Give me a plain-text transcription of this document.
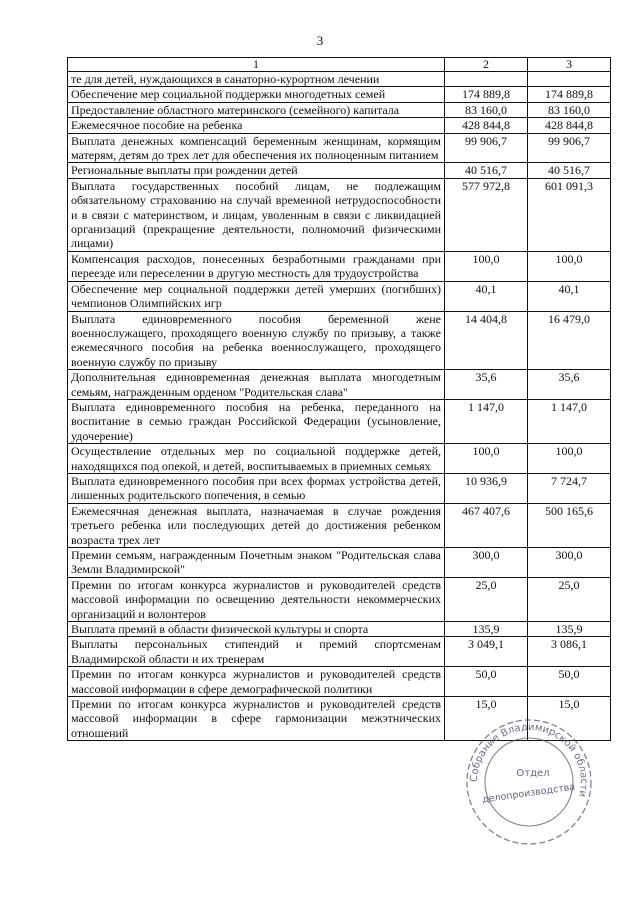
3
1	2	3
те для детей, нуждающихся в санаторно-курортном лечении		
Обеспечение мер социальной поддержки многодетных семей	174 889,8	174 889,8
Предоставление областного материнского (семейного) капитала	83 160,0	83 160,0
Ежемесячное пособие на ребенка	428 844,8	428 844,8
Выплата денежных компенсаций беременным женщинам, кормящим матерям, детям до трех лет для обеспечения их полноценным питанием	99 906,7	99 906,7
Региональные выплаты при рождении детей	40 516,7	40 516,7
Выплата государственных пособий лицам, не подлежащим обязательному страхованию на случай временной нетрудоспособности и в связи с материнством, и лицам, уволенным в связи с ликвидацией организаций (прекращение деятельности, полномочий физическими лицами)	577 972,8	601 091,3
Компенсация расходов, понесенных безработными гражданами при переезде или переселении в другую местность для трудоустройства	100,0	100,0
Обеспечение мер социальной поддержки детей умерших (погибших) чемпионов Олимпийских игр	40,1	40,1
Выплата единовременного пособия беременной жене военнослужащего, проходящего военную службу по призыву, а также ежемесячного пособия на ребенка военнослужащего, проходящего военную службу по призыву	14 404,8	16 479,0
Дополнительная единовременная денежная выплата многодетным семьям, награжденным орденом "Родительская слава"	35,6	35,6
Выплата единовременного пособия на ребенка, переданного на воспитание в семью граждан Российской Федерации (усыновление, удочерение)	1 147,0	1 147,0
Осуществление отдельных мер по социальной поддержке детей, находящихся под опекой, и детей, воспитываемых в приемных семьях	100,0	100,0
Выплата единовременного пособия при всех формах устройства детей, лишенных родительского попечения, в семью	10 936,9	7 724,7
Ежемесячная денежная выплата, назначаемая в случае рождения третьего ребенка или последующих детей до достижения ребенком возраста трех лет	467 407,6	500 165,6
Премии семьям, награжденным Почетным знаком "Родительская слава Земли Владимирской"	300,0	300,0
Премии по итогам конкурса журналистов и руководителей средств массовой информации по освещению деятельности некоммерческих организаций и волонтеров	25,0	25,0
Выплата премий в области физической культуры и спорта	135,9	135,9
Выплаты персональных стипендий и премий спортсменам Владимирской области и их тренерам	3 049,1	3 086,1
Премии по итогам конкурса журналистов и руководителей средств массовой информации в сфере демографической политики	50,0	50,0
Премии по итогам конкурса журналистов и руководителей средств массовой информации в сфере гармонизации межэтнических отношений	15,0	15,0
Собрание Владимирской области
Отдел
делопроизводства
